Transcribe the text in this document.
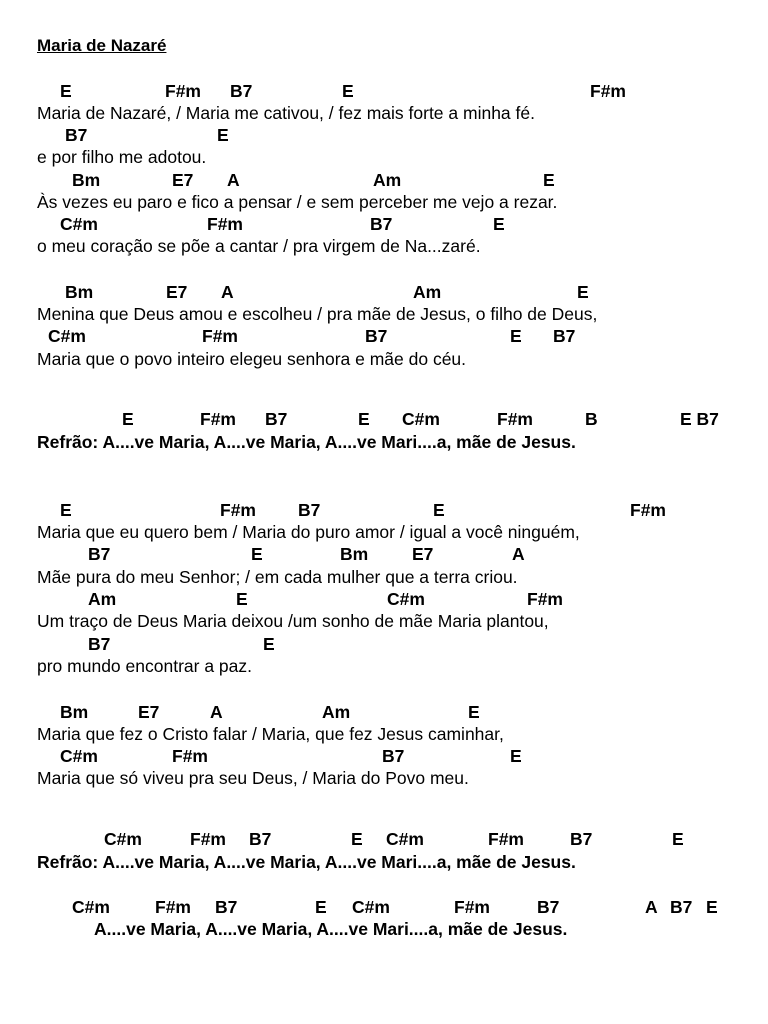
Maria de Nazaré
E	F#m B7	E	F#m
Maria de Nazaré, / Maria me cativou, / fez mais forte a minha fé.
B7	E
e por filho me adotou.
Bm	E7 A	Am	E
Às vezes eu paro e fico a pensar / e sem perceber me vejo a rezar.
C#m	F#m	B7	E
o meu coração se põe a cantar / pra virgem de Na...zaré.
Bm	E7 A	Am	E
Menina que Deus amou e escolheu / pra mãe de Jesus, o filho de Deus,
C#m	F#m	B7	E B7
Maria que o povo inteiro elegeu senhora e mãe do céu.
E	F#m B7	E C#m	F#m	B	E B7
Refrão: A....ve Maria, A....ve Maria, A....ve Mari....a, mãe de Jesus.
E	F#m B7	E	F#m
Maria que eu quero bem / Maria do puro amor / igual a você ninguém,
B7	E	Bm	E7	A
Mãe pura do meu Senhor; / em cada mulher que a terra criou.
Am	E	C#m	F#m
Um traço de Deus Maria deixou /um sonho de mãe Maria plantou,
B7	E
pro mundo encontrar a paz.
Bm	E7	A	Am	E
Maria que fez o Cristo falar / Maria, que fez Jesus caminhar,
C#m	F#m	B7	E
Maria que só viveu pra seu Deus, / Maria do Povo meu.
C#m	F#m B7	E C#m	F#m	B7	E
Refrão: A....ve Maria, A....ve Maria, A....ve Mari....a, mãe de Jesus.
C#m	F#m B7	E C#m	F#m	B7	A B7 E
A....ve Maria, A....ve Maria, A....ve Mari....a, mãe de Jesus.
